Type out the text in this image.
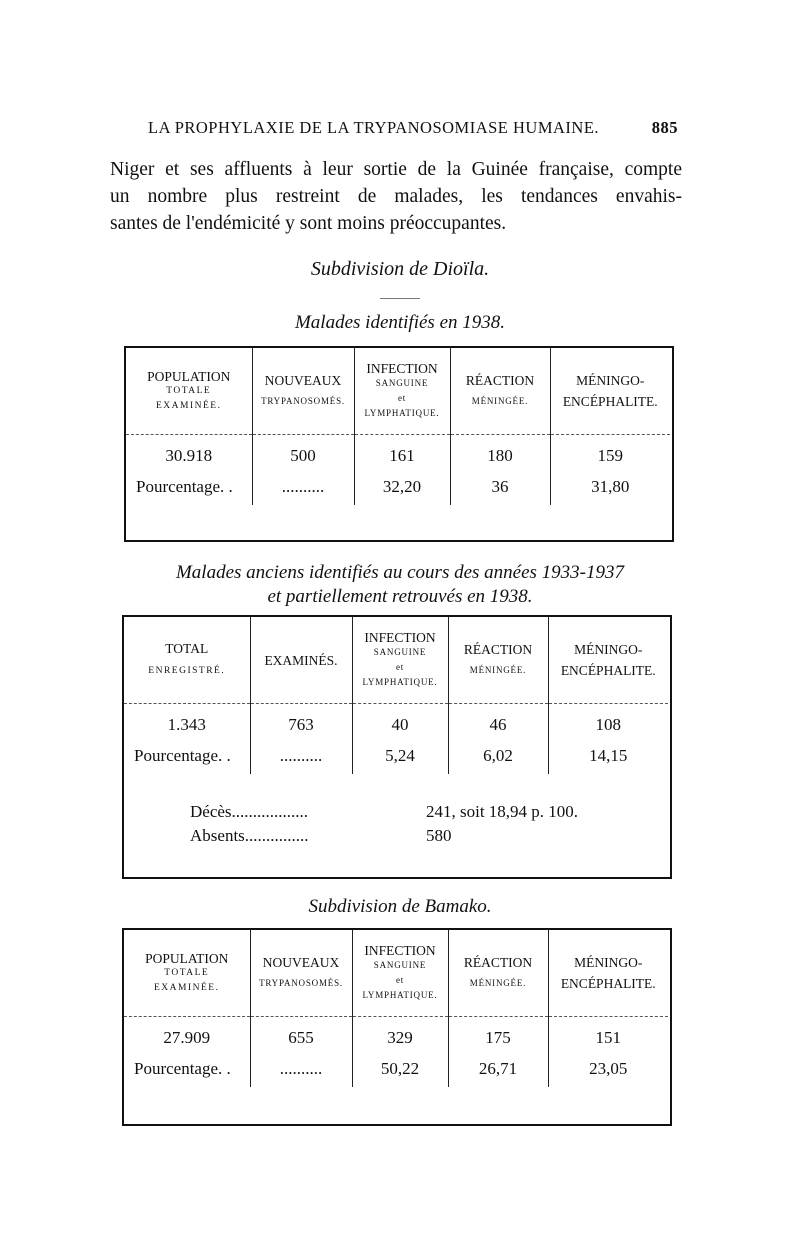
LA PROPHYLAXIE DE LA TRYPANOSOMIASE HUMAINE.	885
Niger et ses affluents à leur sortie de la Guinée française, compte
un nombre plus restreint de malades, les tendances envahis-
santes de l'endémicité y sont moins préoccupantes.
Subdivision de Dioïla.
Malades identifiés en 1938.
POPULATION
TOTALE
EXAMINÉE.	NOUVEAUX
TRYPANOSOMÉS.	INFECTION
SANGUINE
et
LYMPHATIQUE.	RÉACTION
MÉNINGÉE.	MÉNINGO-
ENCÉPHALITE.

30.918	500	161	180	159
Pourcentage. .	..........	32,20	36	31,80
Malades anciens identifiés au cours des années 1933-1937
et partiellement retrouvés en 1938.
TOTAL
ENREGISTRÉ.	EXAMINÉS.	INFECTION
SANGUINE
et
LYMPHATIQUE.	RÉACTION
MÉNINGÉE.	MÉNINGO-
ENCÉPHALITE.

1.343	763	40	46	108
Pourcentage. .	..........	5,24	6,02	14,15
Décès..................	241, soit 18,94 p. 100.
Absents...............	580
Subdivision de Bamako.
POPULATION
TOTALE
EXAMINÉE.	NOUVEAUX
TRYPANOSOMÉS.	INFECTION
SANGUINE
et
LYMPHATIQUE.	RÉACTION
MÉNINGÉE.	MÉNINGO-
ENCÉPHALITE.

27.909	655	329	175	151
Pourcentage. .	..........	50,22	26,71	23,05
